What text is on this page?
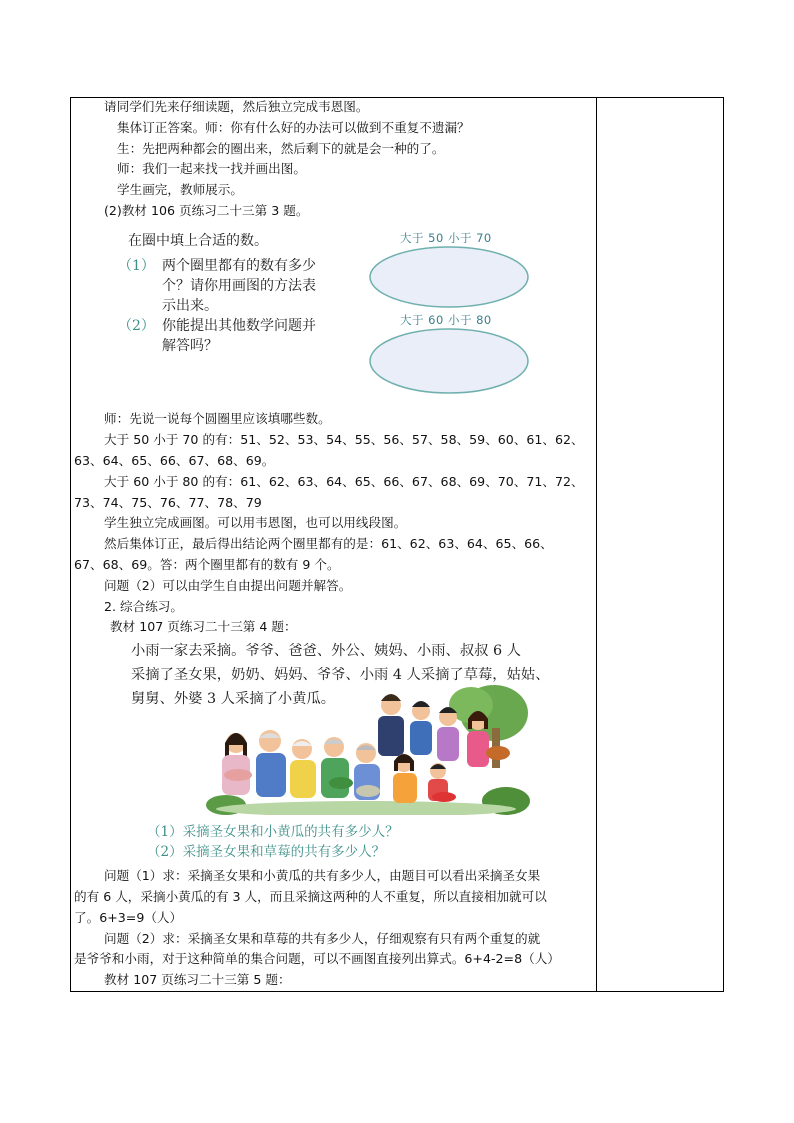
请同学们先来仔细读题，然后独立完成韦恩图。
集体订正答案。师：你有什么好的办法可以做到不重复不遗漏？
生：先把两种都会的圈出来，然后剩下的就是会一种的了。
师：我们一起来找一找并画出图。
学生画完，教师展示。
(2)教材 106 页练习二十三第 3 题。
在圈中填上合适的数。
（1） 两个圈里都有的数有多少
个？请你用画图的方法表
示出来。
（2） 你能提出其他数学问题并
解答吗？
大于 50 小于 70
大于 60 小于 80
师：先说一说每个圆圈里应该填哪些数。
大于 50 小于 70 的有：51、52、53、54、55、56、57、58、59、60、61、62、
63、64、65、66、67、68、69。
大于 60 小于 80 的有：61、62、63、64、65、66、67、68、69、70、71、72、
73、74、75、76、77、78、79
学生独立完成画图。可以用韦恩图，也可以用线段图。
然后集体订正，最后得出结论两个圈里都有的是：61、62、63、64、65、66、
67、68、69。答：两个圈里都有的数有 9 个。
问题（2）可以由学生自由提出问题并解答。
2. 综合练习。
教材 107 页练习二十三第 4 题：
小雨一家去采摘。爷爷、爸爸、外公、姨妈、小雨、叔叔 6 人
采摘了圣女果，奶奶、妈妈、爷爷、小雨 4 人采摘了草莓，姑姑、
舅舅、外婆 3 人采摘了小黄瓜。
（1）采摘圣女果和小黄瓜的共有多少人？
（2）采摘圣女果和草莓的共有多少人？
问题（1）求：采摘圣女果和小黄瓜的共有多少人，由题目可以看出采摘圣女果
的有 6 人，采摘小黄瓜的有 3 人，而且采摘这两种的人不重复，所以直接相加就可以
了。6+3=9（人）
问题（2）求：采摘圣女果和草莓的共有多少人，仔细观察有只有两个重复的就
是爷爷和小雨，对于这种简单的集合问题，可以不画图直接列出算式。6+4-2=8（人）
教材 107 页练习二十三第 5 题：
